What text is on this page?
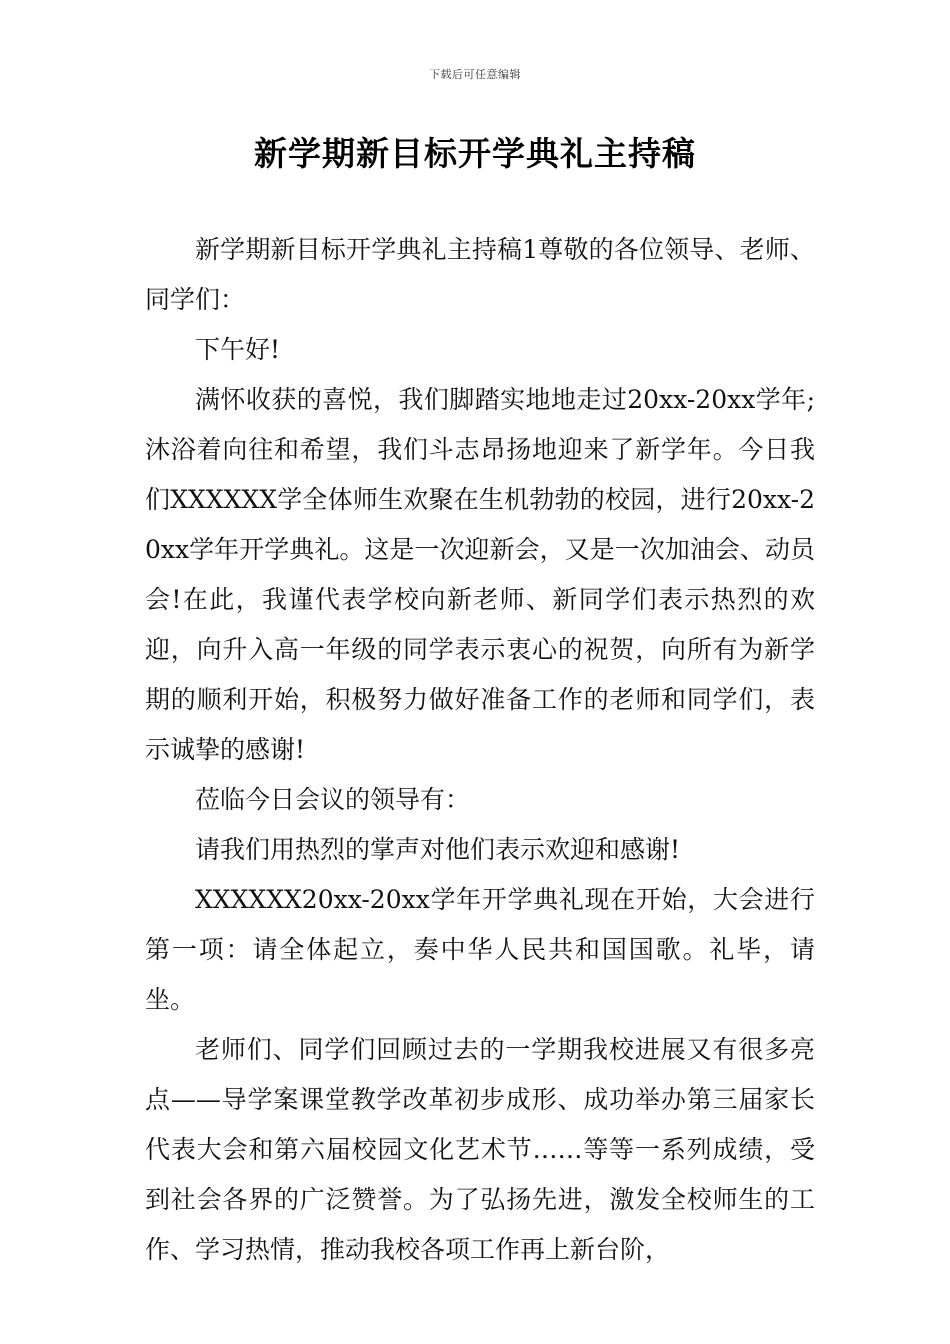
下载后可任意编辑
新学期新目标开学典礼主持稿

新学期新目标开学典礼主持稿1尊敬的各位领导、老师、同学们：

下午好!

满怀收获的喜悦，我们脚踏实地地走过20xx-20xx学年;沐浴着向往和希望，我们斗志昂扬地迎来了新学年。今日我们XXXXXX学全体师生欢聚在生机勃勃的校园，进行20xx-20xx学年开学典礼。这是一次迎新会，又是一次加油会、动员会!在此，我谨代表学校向新老师、新同学们表示热烈的欢迎，向升入高一年级的同学表示衷心的祝贺，向所有为新学期的顺利开始，积极努力做好准备工作的老师和同学们，表示诚挚的感谢!

莅临今日会议的领导有：

请我们用热烈的掌声对他们表示欢迎和感谢!

XXXXXX20xx-20xx学年开学典礼现在开始，大会进行第一项：请全体起立，奏中华人民共和国国歌。礼毕，请坐。

老师们、同学们回顾过去的一学期我校进展又有很多亮点——导学案课堂教学改革初步成形、成功举办第三届家长代表大会和第六届校园文化艺术节……等等一系列成绩，受到社会各界的广泛赞誉。为了弘扬先进，激发全校师生的工作、学习热情，推动我校各项工作再上新台阶，
